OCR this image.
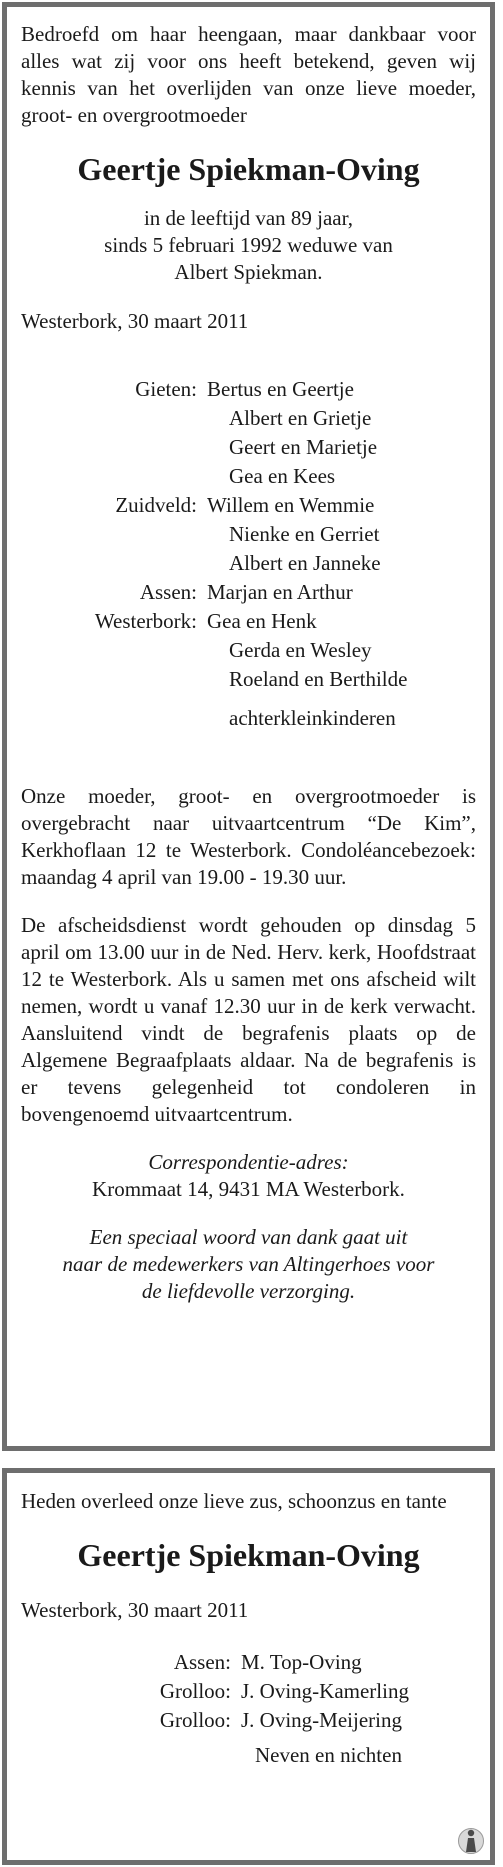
Bedroefd om haar heengaan, maar dankbaar voor alles wat zij voor ons heeft betekend, geven wij kennis van het overlijden van onze lieve moeder, groot- en overgrootmoeder

Geertje Spiekman-Oving

in de leeftijd van 89 jaar,

sinds 5 februari 1992 weduwe van

Albert Spiekman.

Westerbork, 30 maart 2011

Gieten: Bertus en Geertje
Albert en Grietje
Geert en Marietje
Gea en Kees
Zuidveld: Willem en Wemmie
Nienke en Gerriet
Albert en Janneke
Assen: Marjan en Arthur
Westerbork: Gea en Henk
Gerda en Wesley
Roeland en Berthilde
achterkleinkinderen

Onze moeder, groot- en overgrootmoeder is overgebracht naar uitvaartcentrum “De Kim”, Kerkhoflaan 12 te Westerbork. Condoléancebezoek: maandag 4 april van 19.00 - 19.30 uur.

De afscheidsdienst wordt gehouden op dinsdag 5 april om 13.00 uur in de Ned. Herv. kerk, Hoofdstraat 12 te Westerbork. Als u samen met ons afscheid wilt nemen, wordt u vanaf 12.30 uur in de kerk verwacht. Aansluitend vindt de begrafenis plaats op de Algemene Begraafplaats aldaar. Na de begrafenis is er tevens gelegenheid tot condoleren in bovengenoemd uitvaartcentrum.

Correspondentie-adres:

Krommaat 14, 9431 MA Westerbork.

Een speciaal woord van dank gaat uit

naar de medewerkers van Altingerhoes voor

de liefdevolle verzorging.

Heden overleed onze lieve zus, schoonzus en tante

Geertje Spiekman-Oving

Westerbork, 30 maart 2011

Assen: M. Top-Oving
Grolloo: J. Oving-Kamerling
Grolloo: J. Oving-Meijering
Neven en nichten
